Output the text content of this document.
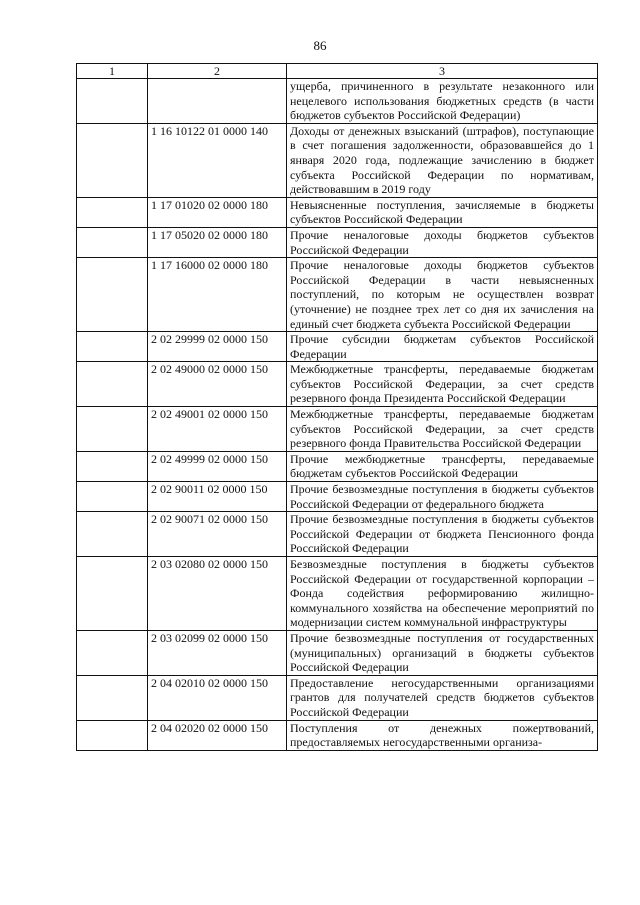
86
1	2	3
		ущерба, причиненного в результате незаконного или нецелевого использования бюджетных средств (в части бюджетов субъектов Российской Федерации)
	1 16 10122 01 0000 140	Доходы от денежных взысканий (штрафов), поступающие в счет погашения задолженности, образовавшейся до 1 января 2020 года, подлежащие зачислению в бюджет субъекта Российской Федерации по нормативам, действовавшим в 2019 году
	1 17 01020 02 0000 180	Невыясненные поступления, зачисляемые в бюджеты субъектов Российской Федерации
	1 17 05020 02 0000 180	Прочие неналоговые доходы бюджетов субъектов Российской Федерации
	1 17 16000 02 0000 180	Прочие неналоговые доходы бюджетов субъектов Российской Федерации в части невыясненных поступлений, по которым не осуществлен возврат (уточнение) не позднее трех лет со дня их зачисления на единый счет бюджета субъекта Российской Федерации
	2 02 29999 02 0000 150	Прочие субсидии бюджетам субъектов Российской Федерации
	2 02 49000 02 0000 150	Межбюджетные трансферты, передаваемые бюджетам субъектов Российской Федерации, за счет средств резервного фонда Президента Российской Федерации
	2 02 49001 02 0000 150	Межбюджетные трансферты, передаваемые бюджетам субъектов Российской Федерации, за счет средств резервного фонда Правительства Российской Федерации
	2 02 49999 02 0000 150	Прочие межбюджетные трансферты, передаваемые бюджетам субъектов Российской Федерации
	2 02 90011 02 0000 150	Прочие безвозмездные поступления в бюджеты субъектов Российской Федерации от федерального бюджета
	2 02 90071 02 0000 150	Прочие безвозмездные поступления в бюджеты субъектов Российской Федерации от бюджета Пенсионного фонда Российской Федерации
	2 03 02080 02 0000 150	Безвозмездные поступления в бюджеты субъектов Российской Федерации от государственной корпорации – Фонда содействия реформированию жилищно-коммунального хозяйства на обеспечение мероприятий по модернизации систем коммунальной инфраструктуры
	2 03 02099 02 0000 150	Прочие безвозмездные поступления от государственных (муниципальных) организаций в бюджеты субъектов Российской Федерации
	2 04 02010 02 0000 150	Предоставление негосударственными организациями грантов для получателей средств бюджетов субъектов Российской Федерации
	2 04 02020 02 0000 150	Поступления от денежных пожертвований, предоставляемых негосударственными организа-
